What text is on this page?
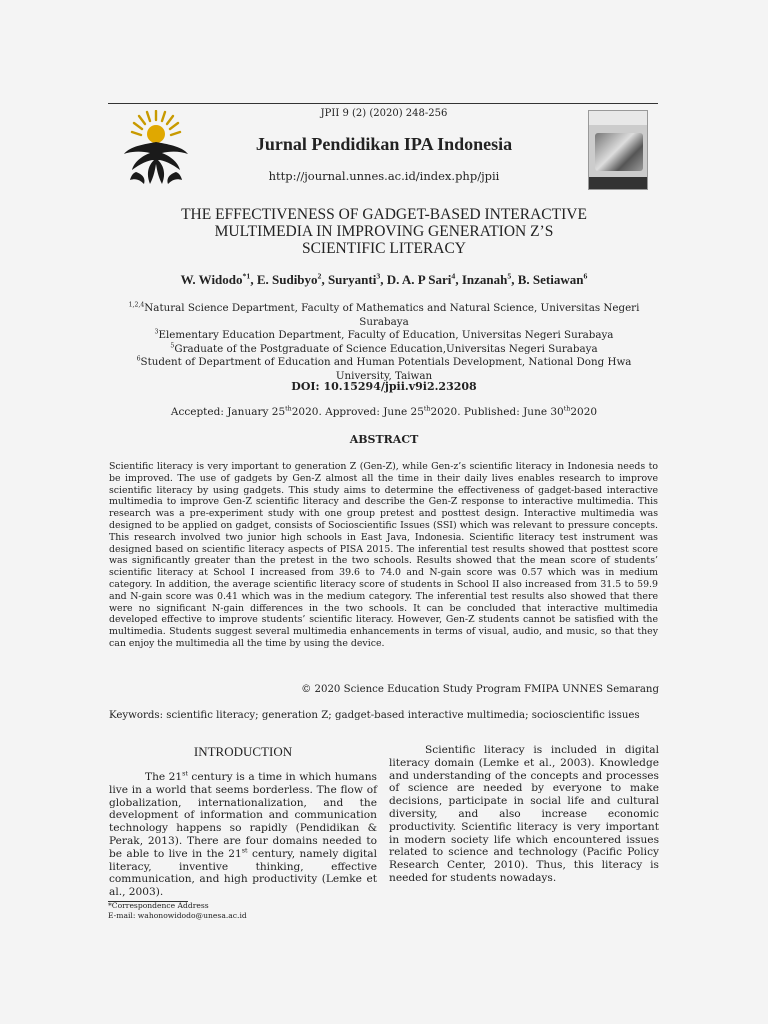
JPII 9 (2) (2020) 248-256
Jurnal Pendidikan IPA Indonesia
http://journal.unnes.ac.id/index.php/jpii
THE EFFECTIVENESS OF GADGET-BASED INTERACTIVE
MULTIMEDIA IN IMPROVING GENERATION Z’S
SCIENTIFIC LITERACY
W. Widodo$^{*1}$, E. Sudibyo$^2$, Suryanti$^3$, D. A. P Sari$^4$, Inzanah$^5$, B. Setiawan$^6$
$^{1,2,4}$Natural Science Department, Faculty of Mathematics and Natural Science, Universitas Negeri Surabaya
$^3$Elementary Education Department, Faculty of Education, Universitas Negeri Surabaya
$^5$Graduate of the Postgraduate of Science Education,Universitas Negeri Surabaya
$^6$Student of Department of Education and Human Potentials Development, National Dong Hwa University, Taiwan
DOI: 10.15294/jpii.v9i2.23208
Accepted: January 25th2020. Approved: June 25th2020. Published: June 30th2020
ABSTRACT
Scientific literacy is very important to generation Z (Gen-Z), while Gen-z’s scientific literacy in Indonesia needs to be improved. The use of gadgets by Gen-Z almost all the time in their daily lives enables research to improve scientific literacy by using gadgets. This study aims to determine the effectiveness of gadget-based interactive multimedia to improve Gen-Z scientific literacy and describe the Gen-Z response to interactive multimedia. This research was a pre-experiment study with one group pretest and posttest design. Interactive multimedia was designed to be applied on gadget, consists of Socioscientific Issues (SSI) which was relevant to pressure concepts. This research involved two junior high schools in East Java, Indonesia. Scientific literacy test instrument was designed based on scientific literacy aspects of PISA 2015. The inferential test results showed that posttest score was significantly greater than the pretest in the two schools. Results showed that the mean score of students’ scientific literacy at School I increased from 39.6 to 74.0 and N-gain score was 0.57 which was in medium category. In addition, the average scientific literacy score of students in School II also increased from 31.5 to 59.9 and N-gain score was 0.41 which was in the medium category. The inferential test results also showed that there were no significant N-gain differences in the two schools. It can be concluded that interactive multimedia developed effective to improve students’ scientific literacy. However, Gen-Z students cannot be satisfied with the multimedia. Students suggest several multimedia enhancements in terms of visual, audio, and music, so that they can enjoy the multimedia all the time by using the device.
© 2020 Science Education Study Program FMIPA UNNES Semarang
Keywords: scientific literacy; generation Z; gadget-based interactive multimedia; socioscientific issues
INTRODUCTION

The 21st century is a time in which humans live in a world that seems borderless. The flow of globalization, internationalization, and the development of information and communication technology happens so rapidly (Pendidikan & Perak, 2013). There are four domains needed to be able to live in the 21st century, namely digital literacy, inventive thinking, effective communication, and high productivity (Lemke et al., 2003).

Scientific literacy is included in digital literacy domain (Lemke et al., 2003). Knowledge and understanding of the concepts and processes of science are needed by everyone to make decisions, participate in social life and cultural diversity, and also increase economic productivity. Scientific literacy is very important in modern society life which encountered issues related to science and technology (Pacific Policy Research Center, 2010). Thus, this literacy is needed for students nowadays.

*Correspondence Address
E-mail: wahonowidodo@unesa.ac.id
